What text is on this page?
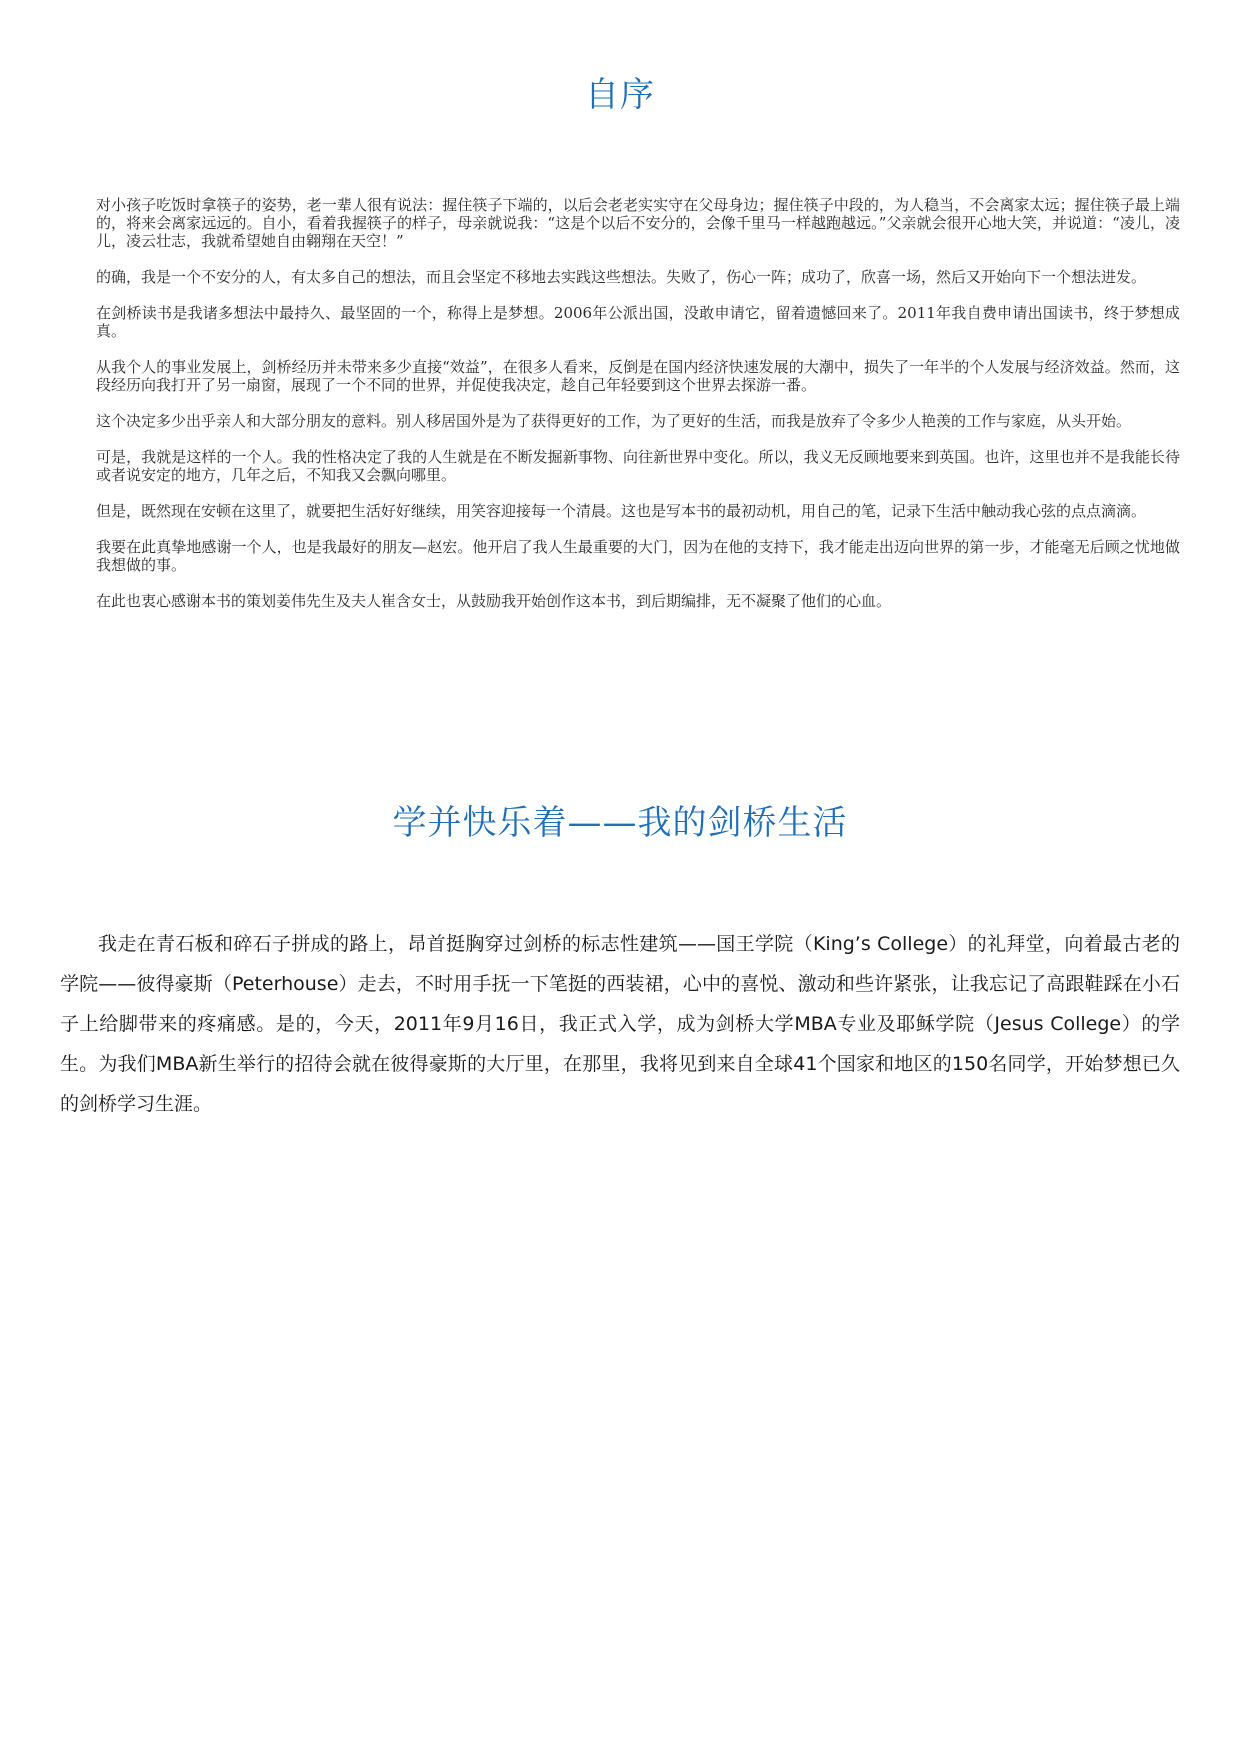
自序

对小孩子吃饭时拿筷子的姿势，老一辈人很有说法：握住筷子下端的，以后会老老实实守在父母身边；握住筷子中段的，为人稳当，不会离家太远；握住筷子最上端的，将来会离家远远的。自小，看着我握筷子的样子，母亲就说我：“这是个以后不安分的，会像千里马一样越跑越远。”父亲就会很开心地大笑，并说道：“凌儿，凌儿，凌云壮志，我就希望她自由翱翔在天空！”

的确，我是一个不安分的人，有太多自己的想法，而且会坚定不移地去实践这些想法。失败了，伤心一阵；成功了，欣喜一场，然后又开始向下一个想法进发。

在剑桥读书是我诸多想法中最持久、最坚固的一个，称得上是梦想。2006年公派出国，没敢申请它，留着遗憾回来了。2011年我自费申请出国读书，终于梦想成真。

从我个人的事业发展上，剑桥经历并未带来多少直接“效益”，在很多人看来，反倒是在国内经济快速发展的大潮中，损失了一年半的个人发展与经济效益。然而，这段经历向我打开了另一扇窗，展现了一个不同的世界，并促使我决定，趁自己年轻要到这个世界去探游一番。

这个决定多少出乎亲人和大部分朋友的意料。别人移居国外是为了获得更好的工作，为了更好的生活，而我是放弃了令多少人艳羡的工作与家庭，从头开始。

可是，我就是这样的一个人。我的性格决定了我的人生就是在不断发掘新事物、向往新世界中变化。所以，我义无反顾地要来到英国。也许，这里也并不是我能长待或者说安定的地方，几年之后，不知我又会飘向哪里。

但是，既然现在安顿在这里了，就要把生活好好继续，用笑容迎接每一个清晨。这也是写本书的最初动机，用自己的笔，记录下生活中触动我心弦的点点滴滴。

我要在此真挚地感谢一个人，也是我最好的朋友—赵宏。他开启了我人生最重要的大门，因为在他的支持下，我才能走出迈向世界的第一步，才能毫无后顾之忧地做我想做的事。

在此也衷心感谢本书的策划姜伟先生及夫人崔含女士，从鼓励我开始创作这本书，到后期编排，无不凝聚了他们的心血。

学并快乐着——我的剑桥生活

我走在青石板和碎石子拼成的路上，昂首挺胸穿过剑桥的标志性建筑——国王学院（King’s College）的礼拜堂，向着最古老的学院——彼得豪斯（Peterhouse）走去，不时用手抚一下笔挺的西装裙，心中的喜悦、激动和些许紧张，让我忘记了高跟鞋踩在小石子上给脚带来的疼痛感。是的，今天，2011年9月16日，我正式入学，成为剑桥大学MBA专业及耶稣学院（Jesus College）的学生。为我们MBA新生举行的招待会就在彼得豪斯的大厅里，在那里，我将见到来自全球41个国家和地区的150名同学，开始梦想已久的剑桥学习生涯。
